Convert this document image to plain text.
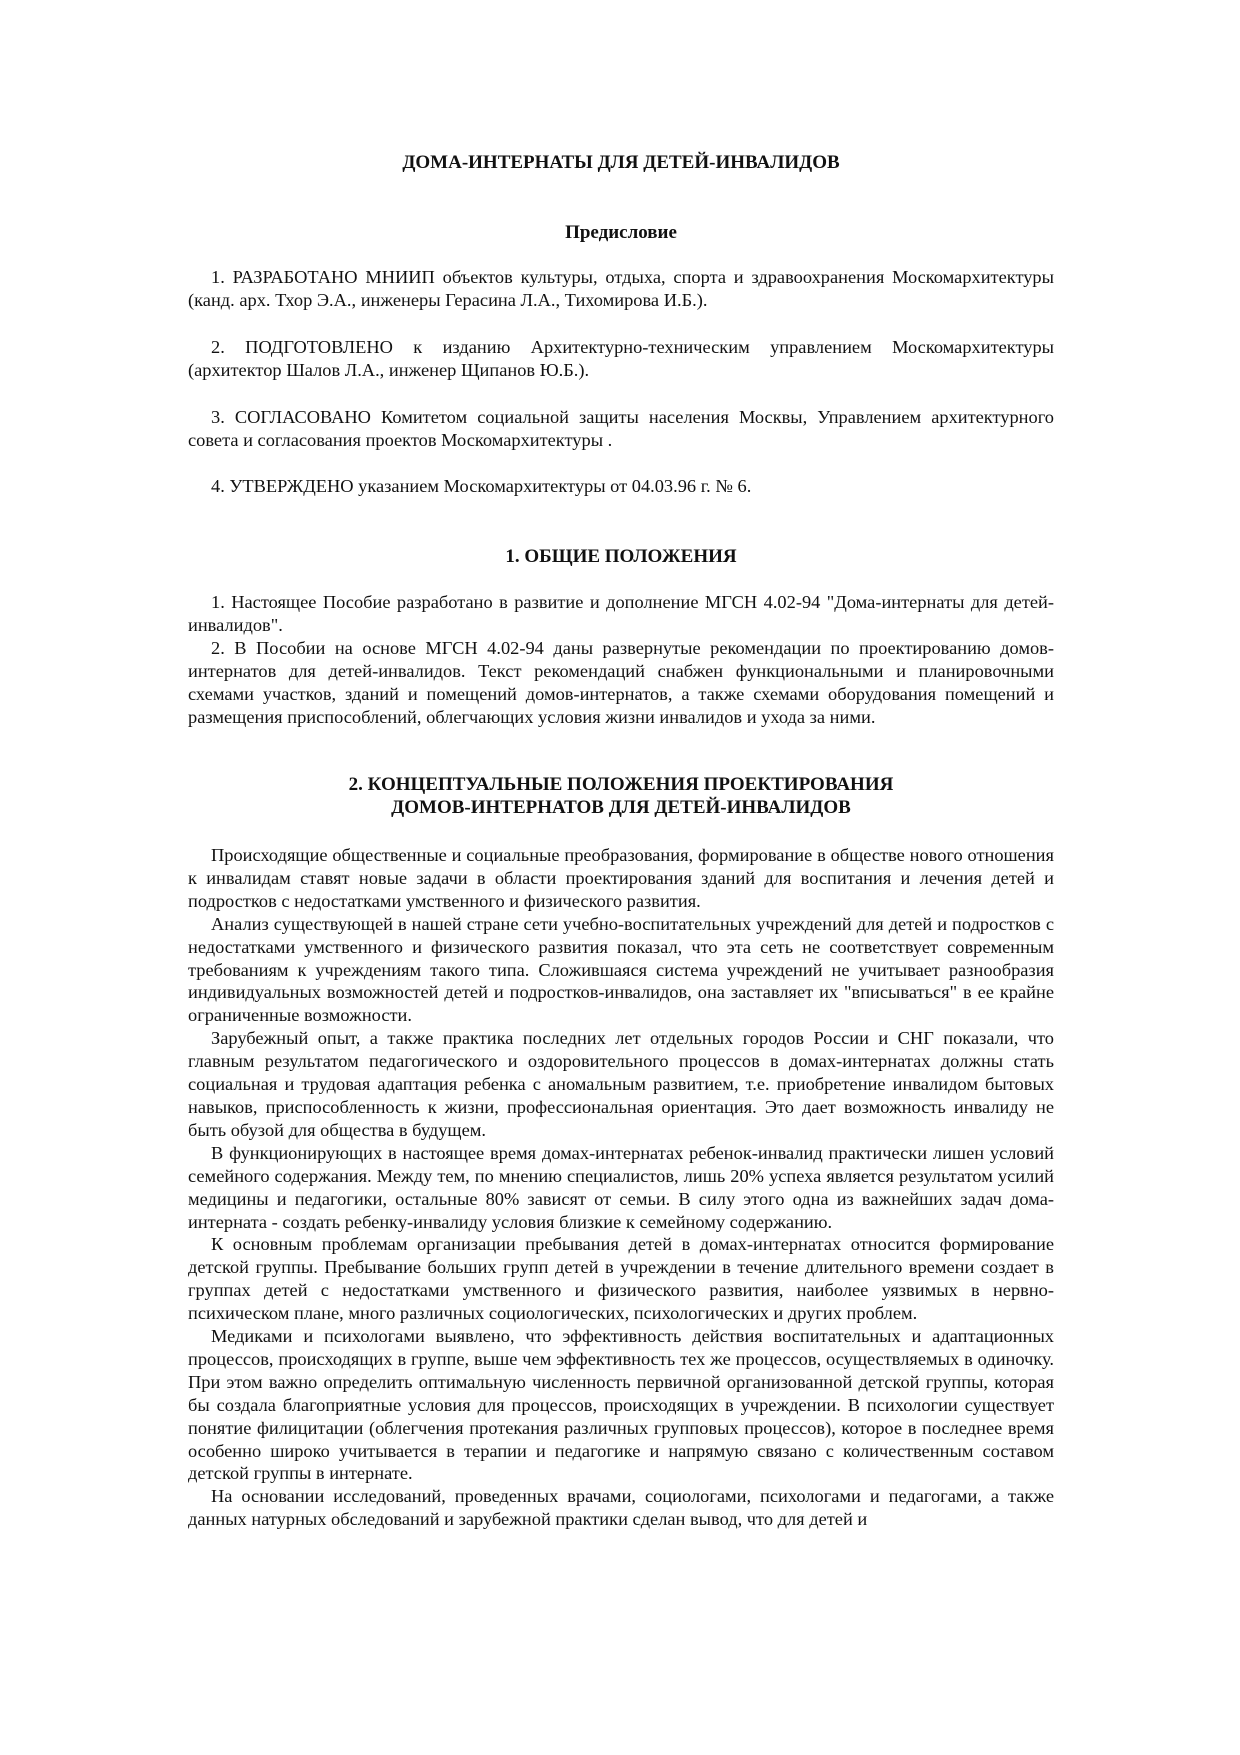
ДОМА-ИНТЕРНАТЫ ДЛЯ ДЕТЕЙ-ИНВАЛИДОВ
Предисловие

1. РАЗРАБОТАНО МНИИП объектов культуры, отдыха, спорта и здравоохранения Москомархитектуры (канд. арх. Тхор Э.А., инженеры Герасина Л.А., Тихомирова И.Б.).

2. ПОДГОТОВЛЕНО к изданию Архитектурно-техническим управлением Москомархитектуры (архитектор Шалов Л.А., инженер Щипанов Ю.Б.).

3. СОГЛАСОВАНО Комитетом социальной защиты населения Москвы, Управлением архитектурного совета и согласования проектов Москомархитектуры .

4. УТВЕРЖДЕНО указанием Москомархитектуры от 04.03.96 г. № 6.

1. ОБЩИЕ ПОЛОЖЕНИЯ

1. Настоящее Пособие разработано в развитие и дополнение МГСН 4.02-94 "Дома-интернаты для детей-инвалидов".

2. В Пособии на основе МГСН 4.02-94 даны развернутые рекомендации по проектированию домов-интернатов для детей-инвалидов. Текст рекомендаций снабжен функциональными и планировочными схемами участков, зданий и помещений домов-интернатов, а также схемами оборудования помещений и размещения приспособлений, облегчающих условия жизни инвалидов и ухода за ними.

2. КОНЦЕПТУАЛЬНЫЕ ПОЛОЖЕНИЯ ПРОЕКТИРОВАНИЯ
ДОМОВ-ИНТЕРНАТОВ ДЛЯ ДЕТЕЙ-ИНВАЛИДОВ

Происходящие общественные и социальные преобразования, формирование в обществе нового отношения к инвалидам ставят новые задачи в области проектирования зданий для воспитания и лечения детей и подростков с недостатками умственного и физического развития.

Анализ существующей в нашей стране сети учебно-воспитательных учреждений для детей и подростков с недостатками умственного и физического развития показал, что эта сеть не соответствует современным требованиям к учреждениям такого типа. Сложившаяся система учреждений не учитывает разнообразия индивидуальных возможностей детей и подростков-инвалидов, она заставляет их "вписываться" в ее крайне ограниченные возможности.

Зарубежный опыт, а также практика последних лет отдельных городов России и СНГ показали, что главным результатом педагогического и оздоровительного процессов в домах-интернатах должны стать социальная и трудовая адаптация ребенка с аномальным развитием, т.е. приобретение инвалидом бытовых навыков, приспособленность к жизни, профессиональная ориентация. Это дает возможность инвалиду не быть обузой для общества в будущем.

В функционирующих в настоящее время домах-интернатах ребенок-инвалид практически лишен условий семейного содержания. Между тем, по мнению специалистов, лишь 20% успеха является результатом усилий медицины и педагогики, остальные 80% зависят от семьи. В силу этого одна из важнейших задач дома-интерната - создать ребенку-инвалиду условия близкие к семейному содержанию.

К основным проблемам организации пребывания детей в домах-интернатах относится формирование детской группы. Пребывание больших групп детей в учреждении в течение длительного времени создает в группах детей с недостатками умственного и физического развития, наиболее уязвимых в нервно-психическом плане, много различных социологических, психологических и других проблем.

Медиками и психологами выявлено, что эффективность действия воспитательных и адаптационных процессов, происходящих в группе, выше чем эффективность тех же процессов, осуществляемых в одиночку. При этом важно определить оптимальную численность первичной организованной детской группы, которая бы создала благоприятные условия для процессов, происходящих в учреждении. В психологии существует понятие филицитации (облегчения протекания различных групповых процессов), которое в последнее время особенно широко учитывается в терапии и педагогике и напрямую связано с количественным составом детской группы в интернате.

На основании исследований, проведенных врачами, социологами, психологами и педагогами, а также данных натурных обследований и зарубежной практики сделан вывод, что для детей и
